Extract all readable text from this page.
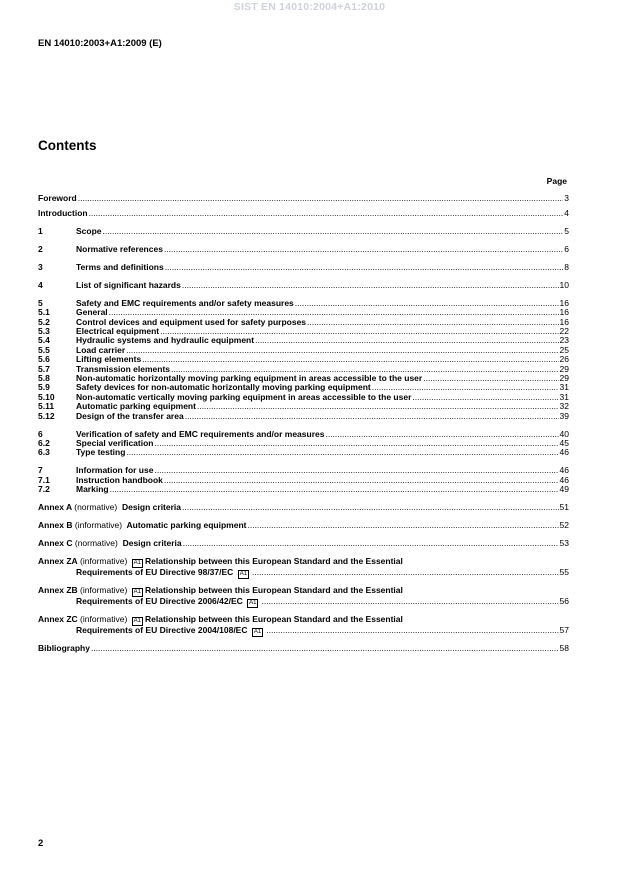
SIST EN 14010:2004+A1:2010
EN 14010:2003+A1:2009 (E)
Contents
Page
Foreword .....	3
Introduction .....	4
1	Scope .....	5
2	Normative references .....	6
3	Terms and definitions .....	8
4	List of significant hazards .....	10
5	Safety and EMC requirements and/or safety measures .....	16
5.1	General .....	16
5.2	Control devices and equipment used for safety purposes .....	16
5.3	Electrical equipment .....	22
5.4	Hydraulic systems and hydraulic equipment .....	23
5.5	Load carrier .....	25
5.6	Lifting elements .....	26
5.7	Transmission elements .....	29
5.8	Non-automatic horizontally moving parking equipment in areas accessible to the user .....	29
5.9	Safety devices for non-automatic horizontally moving parking equipment .....	31
5.10	Non-automatic vertically moving parking equipment in areas accessible to the user .....	31
5.11	Automatic parking equipment .....	32
5.12	Design of the transfer area .....	39
6	Verification of safety and EMC requirements and/or measures .....	40
6.2	Special verification .....	45
6.3	Type testing .....	46
7	Information for use .....	46
7.1	Instruction handbook .....	46
7.2	Marking .....	49
Annex A (normative) Design criteria .....	51
Annex B (informative) Automatic parking equipment .....	52
Annex C (normative) Design criteria .....	53
Annex ZA (informative) A1 Relationship between this European Standard and the Essential
Requirements of EU Directive 98/37/EC A1 .....	55
Annex ZB (informative) A1 Relationship between this European Standard and the Essential
Requirements of EU Directive 2006/42/EC A1 .....	56
Annex ZC (informative) A1 Relationship between this European Standard and the Essential
Requirements of EU Directive 2004/108/EC A1 .....	57
Bibliography .....	58
2
